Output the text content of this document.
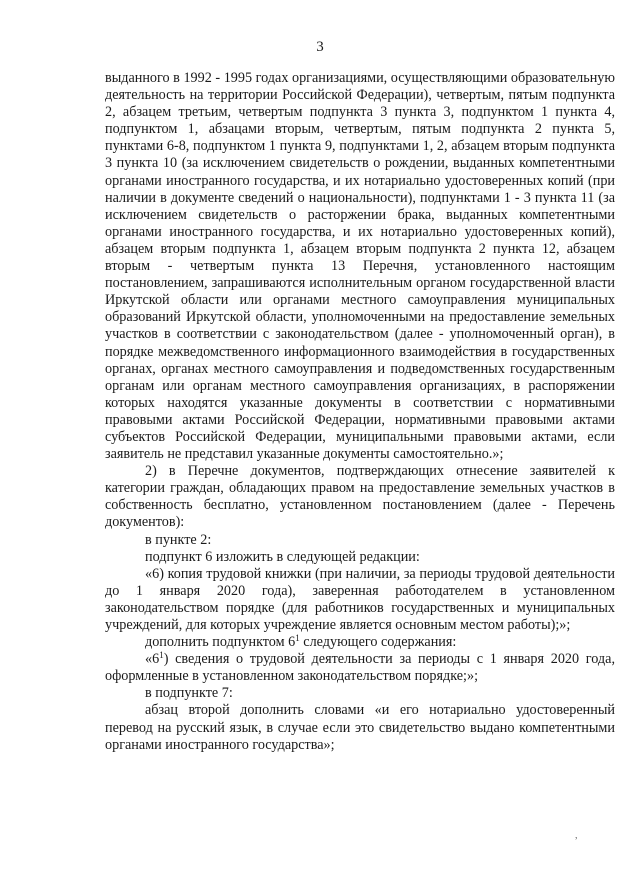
3

выданного в 1992 - 1995 годах организациями, осуществляющими образовательную деятельность на территории Российской Федерации), четвертым, пятым подпункта 2, абзацем третьим, четвертым подпункта 3 пункта 3, подпунктом 1 пункта 4, подпунктом 1, абзацами вторым, четвертым, пятым подпункта 2 пункта 5, пунктами 6-8, подпунктом 1 пункта 9, подпунктами 1, 2, абзацем вторым подпункта 3 пункта 10 (за исключением свидетельств о рождении, выданных компетентными органами иностранного государства, и их нотариально удостоверенных копий (при наличии в документе сведений о национальности), подпунктами 1 - 3 пункта 11 (за исключением свидетельств о расторжении брака, выданных компетентными органами иностранного государства, и их нотариально удостоверенных копий), абзацем вторым подпункта 1, абзацем вторым подпункта 2 пункта 12, абзацем вторым - четвертым пункта 13 Перечня, установленного настоящим постановлением, запрашиваются исполнительным органом государственной власти Иркутской области или органами местного самоуправления муниципальных образований Иркутской области, уполномоченными на предоставление земельных участков в соответствии с законодательством (далее - уполномоченный орган), в порядке межведомственного информационного взаимодействия в государственных органах, органах местного самоуправления и подведомственных государственным органам или органам местного самоуправления организациях, в распоряжении которых находятся указанные документы в соответствии с нормативными правовыми актами Российской Федерации, нормативными правовыми актами субъектов Российской Федерации, муниципальными правовыми актами, если заявитель не представил указанные документы самостоятельно.»;

2) в Перечне документов, подтверждающих отнесение заявителей к категории граждан, обладающих правом на предоставление земельных участков в собственность бесплатно, установленном постановлением (далее - Перечень документов):

в пункте 2:

подпункт 6 изложить в следующей редакции:

«6) копия трудовой книжки (при наличии, за периоды трудовой деятельности до 1 января 2020 года), заверенная работодателем в установленном законодательством порядке (для работников государственных и муниципальных учреждений, для которых учреждение является основным местом работы);»;

дополнить подпунктом $6^1$ следующего содержания:

«$6^1$) сведения о трудовой деятельности за периоды с 1 января 2020 года, оформленные в установленном законодательством порядке;»;

в подпункте 7:

абзац второй дополнить словами «и его нотариально удостоверенный перевод на русский язык, в случае если это свидетельство выдано компетентными органами иностранного государства»;

,
